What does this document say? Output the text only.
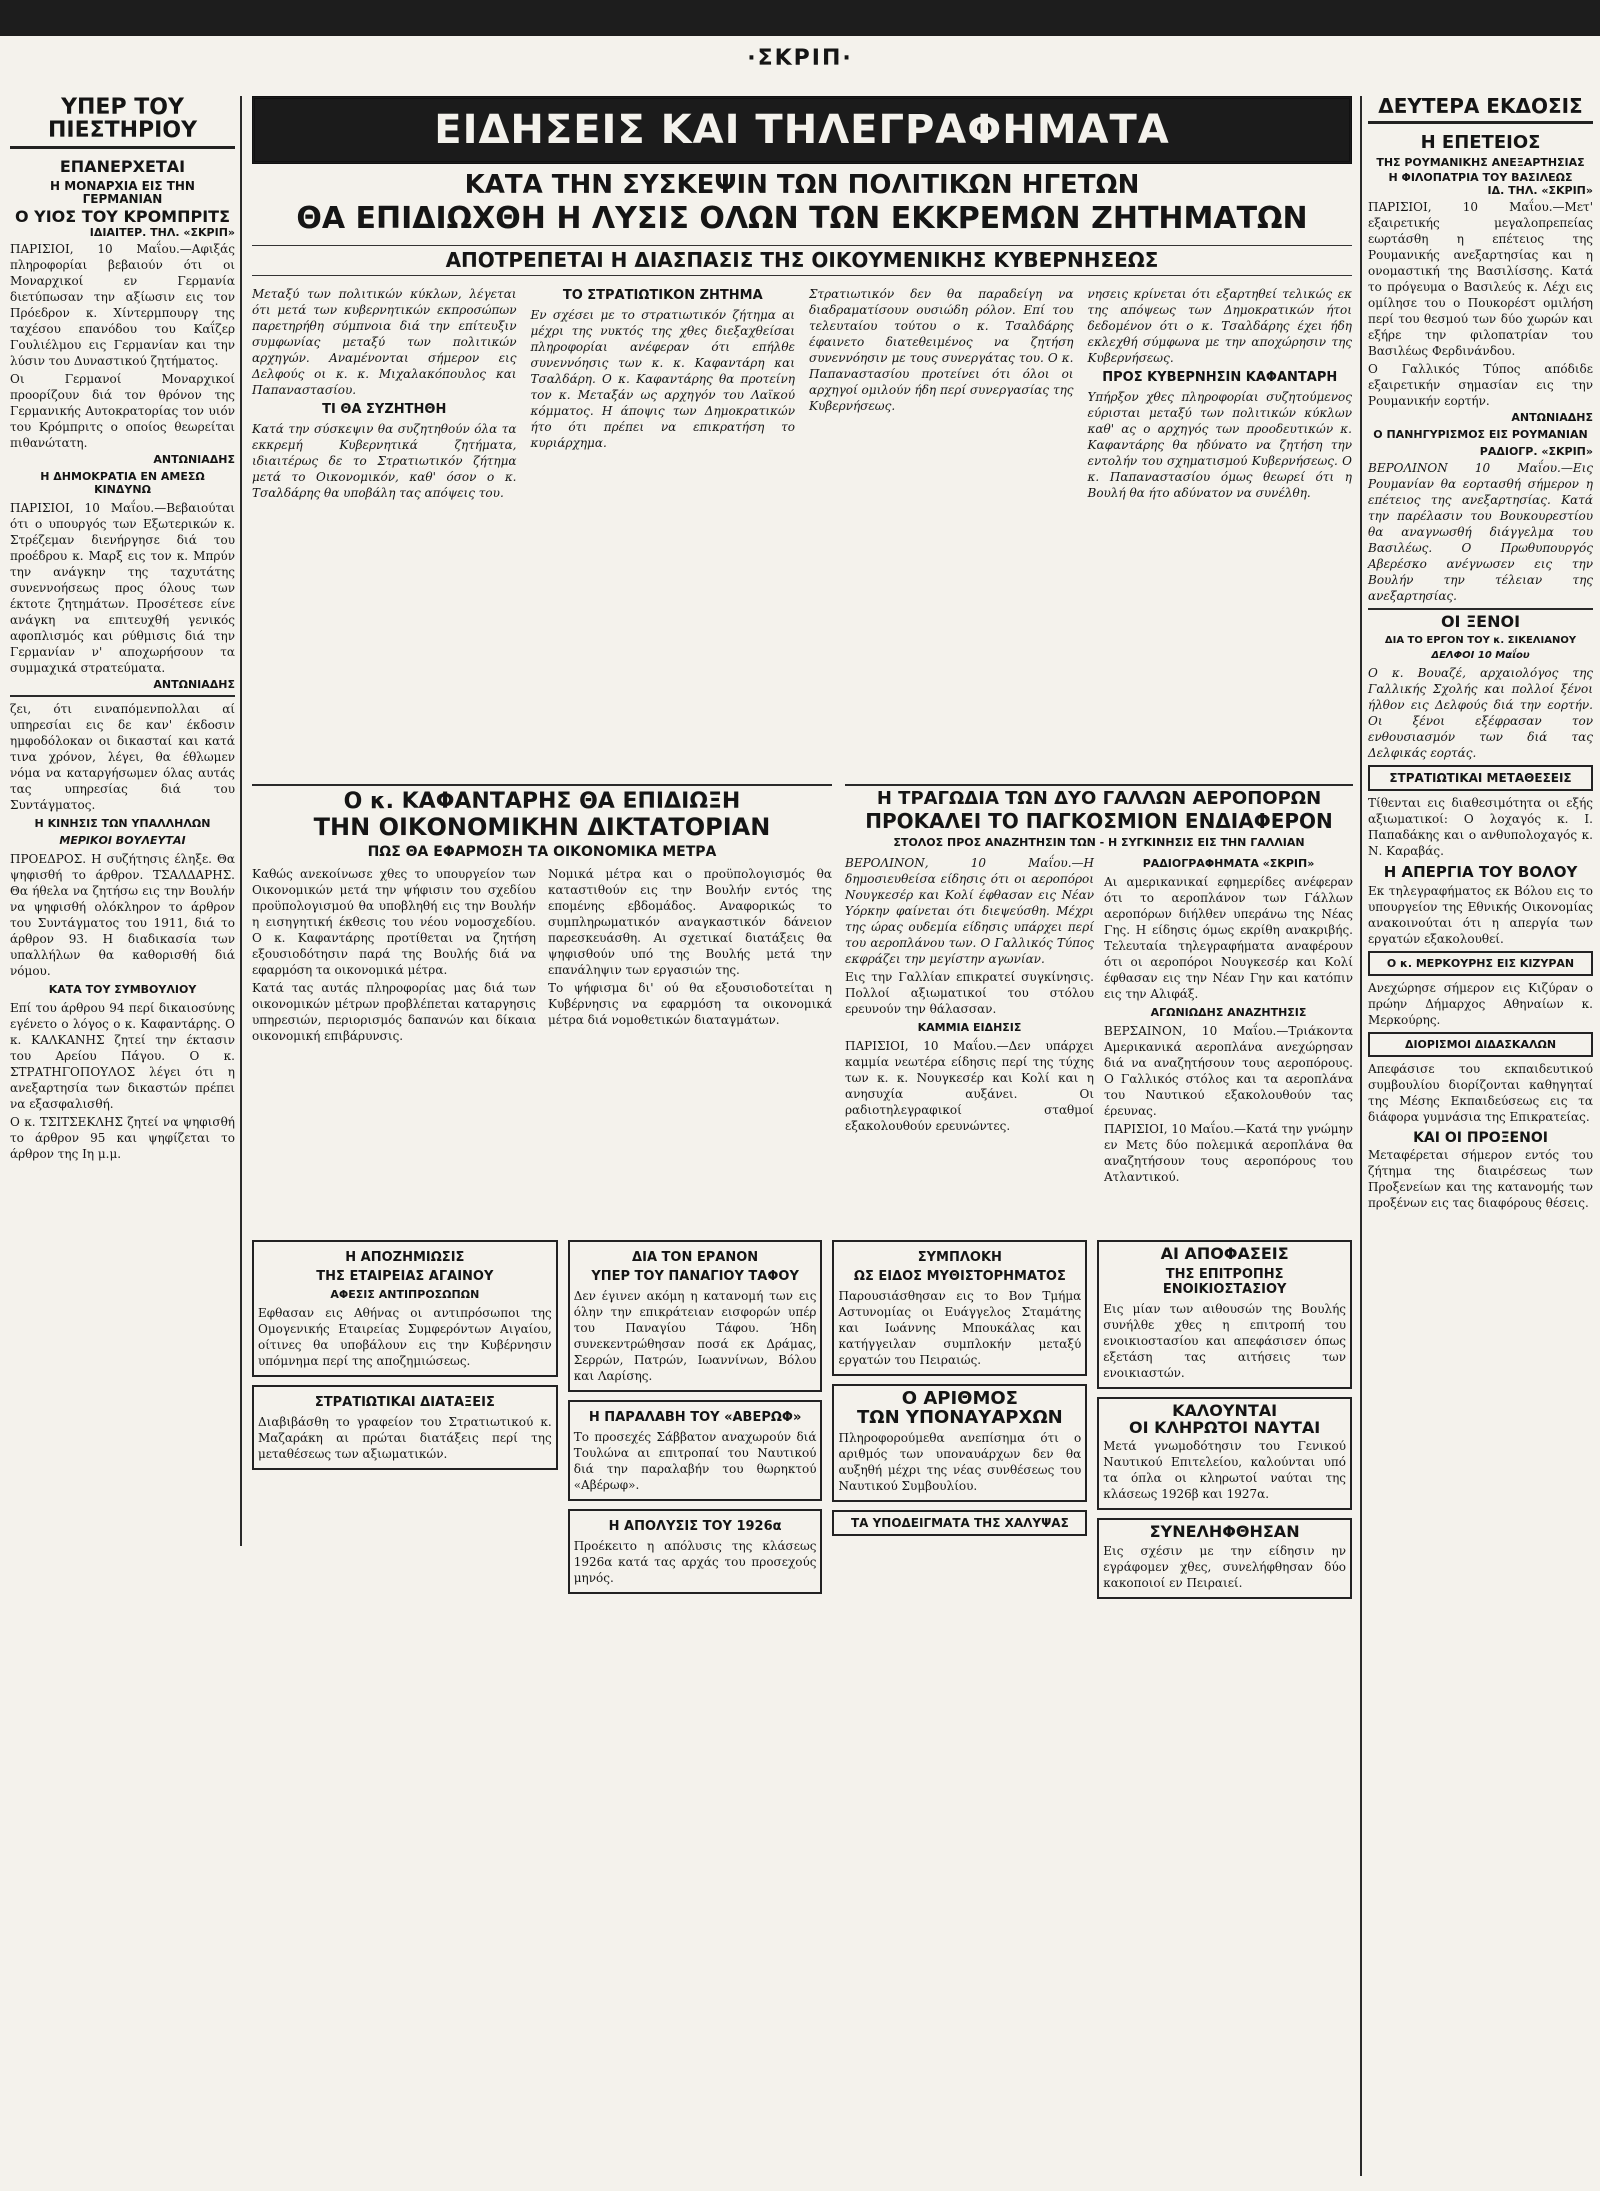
·ΣΚΡΙΠ·
ΥΠΕΡ ΤΟΥ ΠΙΕΣΤΗΡΙΟΥ
ΕΠΑΝΕΡΧΕΤΑΙ
Η ΜΟΝΑΡΧΙΑ ΕΙΣ ΤΗΝ ΓΕΡΜΑΝΙΑΝ
Ο ΥΙΟΣ ΤΟΥ ΚΡΟΜΠΡΙΤΣ
ΙΔΙΑΙΤΕΡ. ΤΗΛ. «ΣΚΡΙΠ»

ΠΑΡΙΣΙΟΙ, 10 Μαΐου.—Αφιξάς πληροφορίαι βεβαιούν ότι οι Μοναρχικοί εν Γερμανία διετύπωσαν την αξίωσιν εις τον Πρόεδρον κ. Χίντερμπουργ της ταχέσου επανόδου του Καΐζερ Γουλιέλμου εις Γερμανίαν και την λύσιν του Δυναστικού ζητήματος.

Οι Γερμανοί Μοναρχικοί προορίζουν διά τον θρόνον της Γερμανικής Αυτοκρατορίας τον υιόν του Κρόμπριτς ο οποίος θεωρείται πιθανώτατη.

ΑΝΤΩΝΙΑΔΗΣ
Η ΔΗΜΟΚΡΑΤΙΑ ΕΝ ΑΜΕΣΩ ΚΙΝΔΥΝΩ

ΠΑΡΙΣΙΟΙ, 10 Μαΐου.—Βεβαιούται ότι ο υπουργός των Εξωτερικών κ. Στρέζεμαν διενήργησε διά του προέδρου κ. Μαρξ εις τον κ. Μπρύν την ανάγκην της ταχυτάτης συνεννοήσεως προς όλους των έκτοτε ζητημάτων. Προσέτεσε είνε ανάγκη να επιτευχθή γενικός αφοπλισμός και ρύθμισις διά την Γερμανίαν ν' αποχωρήσουν τα συμμαχικά στρατεύματα.

ΑΝΤΩΝΙΑΔΗΣ

ζει, ότι ειναπόμενπολλαι αί υπηρεσίαι εις δε καν' έκδοσιν ημφοδόλοκαν οι δικασταί και κατά τινα χρόνον, λέγει, θα έθλωμεν νόμα να καταργήσωμεν όλας αυτάς τας υπηρεσίας διά του Συντάγματος.

Η ΚΙΝΗΣΙΣ ΤΩΝ ΥΠΑΛΛΗΛΩΝ
ΜΕΡΙΚΟΙ ΒΟΥΛΕΥΤΑΙ

ΠΡΟΕΔΡΟΣ. Η συζήτησις έληξε. Θα ψηφισθή το άρθρον. ΤΣΑΛΔΑΡΗΣ. Θα ήθελα να ζητήσω εις την Βουλήν να ψηφισθή ολόκληρον το άρθρον του Συντάγματος του 1911, διά το άρθρον 93. Η διαδικασία των υπαλλήλων θα καθορισθή διά νόμου.

ΚΑΤΑ ΤΟΥ ΣΥΜΒΟΥΛΙΟΥ

Επί του άρθρου 94 περί δικαιοσύνης εγένετο ο λόγος ο κ. Καφαντάρης. Ο κ. ΚΑΛΚΑΝΗΣ ζητεί την έκτασιν του Αρείου Πάγου. Ο κ. ΣΤΡΑΤΗΓΟΠΟΥΛΟΣ λέγει ότι η ανεξαρτησία των δικαστών πρέπει να εξασφαλισθή.

Ο κ. ΤΣΙΤΣΕΚΛΗΣ ζητεί να ψηφισθή το άρθρον 95 και ψηφίζεται το άρθρον της Ιη μ.μ.

ΕΙΔΗΣΕΙΣ ΚΑΙ ΤΗΛΕΓΡΑΦΗΜΑΤΑ
ΚΑΤΑ ΤΗΝ ΣΥΣΚΕΨΙΝ ΤΩΝ ΠΟΛΙΤΙΚΩΝ ΗΓΕΤΩΝ
ΘΑ ΕΠΙΔΙΩΧΘΗ Η ΛΥΣΙΣ ΟΛΩΝ ΤΩΝ ΕΚΚΡΕΜΩΝ ΖΗΤΗΜΑΤΩΝ
ΑΠΟΤΡΕΠΕΤΑΙ Η ΔΙΑΣΠΑΣΙΣ ΤΗΣ ΟΙΚΟΥΜΕΝΙΚΗΣ ΚΥΒΕΡΝΗΣΕΩΣ

Μεταξύ των πολιτικών κύκλων, λέγεται ότι μετά των κυβερνητικών εκπροσώπων παρετηρήθη σύμπνοια διά την επίτευξιν συμφωνίας μεταξύ των πολιτικών αρχηγών. Αναμένονται σήμερον εις Δελφούς οι κ. κ. Μιχαλακόπουλος και Παπαναστασίου.

ΤΙ ΘΑ ΣΥΖΗΤΗΘΗ

Κατά την σύσκεψιν θα συζητηθούν όλα τα εκκρεμή Κυβερνητικά ζητήματα, ιδιαιτέρως δε το Στρατιωτικόν ζήτημα μετά το Οικονομικόν, καθ' όσον ο κ. Τσαλδάρης θα υποβάλη τας απόψεις του.

ΤΟ ΣΤΡΑΤΙΩΤΙΚΟΝ ΖΗΤΗΜΑ

Εν σχέσει με το στρατιωτικόν ζήτημα αι μέχρι της νυκτός της χθες διεξαχθείσαι πληροφορίαι ανέφεραν ότι επήλθε συνεννόησις των κ. κ. Καφαντάρη και Τσαλδάρη. Ο κ. Καφαντάρης θα προτείνη τον κ. Μεταξάν ως αρχηγόν του Λαϊκού κόμματος. Η άποψις των Δημοκρατικών ήτο ότι πρέπει να επικρατήση το κυριάρχημα.

Στρατιωτικόν δεν θα παραδείγη να διαδραματίσουν ουσιώδη ρόλον. Επί του τελευταίου τούτου ο κ. Τσαλδάρης έφαινετο διατεθειμένος να ζητήση συνεννόησιν με τους συνεργάτας του. Ο κ. Παπαναστασίου προτείνει ότι όλοι οι αρχηγοί ομιλούν ήδη περί συνεργασίας της Κυβερνήσεως.

νησεις κρίνεται ότι εξαρτηθεί τελικώς εκ της απόψεως των Δημοκρατικών ήτοι δεδομένον ότι ο κ. Τσαλδάρης έχει ήδη εκλεχθή σύμφωνα με την αποχώρησιν της Κυβερνήσεως.

ΠΡΟΣ ΚΥΒΕΡΝΗΣΙΝ ΚΑΦΑΝΤΑΡΗ

Υπήρξον χθες πληροφορίαι συζητούμενος εύρισται μεταξύ των πολιτικών κύκλων καθ' ας ο αρχηγός των προοδευτικών κ. Καφαντάρης θα ηδύνατο να ζητήση την εντολήν του σχηματισμού Κυβερνήσεως. Ο κ. Παπαναστασίου όμως θεωρεί ότι η Βουλή θα ήτο αδύνατον να συνέλθη.

ΔΕΥΤΕΡΑ ΕΚΔΟΣΙΣ
Η ΕΠΕΤΕΙΟΣ
ΤΗΣ ΡΟΥΜΑΝΙΚΗΣ ΑΝΕΞΑΡΤΗΣΙΑΣ
Η ΦΙΛΟΠΑΤΡΙΑ ΤΟΥ ΒΑΣΙΛΕΩΣ
ΙΔ. ΤΗΛ. «ΣΚΡΙΠ»

ΠΑΡΙΣΙΟΙ, 10 Μαΐου.—Μετ' εξαιρετικής μεγαλοπρεπείας εωρτάσθη η επέτειος της Ρουμανικής ανεξαρτησίας και η ονομαστική της Βασιλίσσης. Κατά το πρόγευμα ο Βασιλεύς κ. Λέχι εις ομίλησε του ο Πουκορέστ ομιλήση περί του θεσμού των δύο χωρών και εξήρε την φιλοπατρίαν του Βασιλέως Φερδινάνδου.

Ο Γαλλικός Τύπος απόδιδε εξαιρετικήν σημασίαν εις την Ρουμανικήν εορτήν.

ΑΝΤΩΝΙΑΔΗΣ
Ο ΠΑΝΗΓΥΡΙΣΜΟΣ ΕΙΣ ΡΟΥΜΑΝΙΑΝ
ΡΑΔΙΟΓΡ. «ΣΚΡΙΠ»

ΒΕΡΟΛΙΝΟΝ 10 Μαΐου.—Εις Ρουμανίαν θα εορτασθή σήμερον η επέτειος της ανεξαρτησίας. Κατά την παρέλασιν του Βουκουρεστίου θα αναγνωσθή διάγγελμα του Βασιλέως. Ο Πρωθυπουργός Αβερέσκο ανέγνωσεν εις την Βουλήν την τέλειαν της ανεξαρτησίας.

ΟΙ ΞΕΝΟΙ
ΔΙΑ ΤΟ ΕΡΓΟΝ ΤΟΥ κ. ΣΙΚΕΛΙΑΝΟΥ
ΔΕΛΦΟΙ 10 Μαΐου

Ο κ. Βουαζέ, αρχαιολόγος της Γαλλικής Σχολής και πολλοί ξένοι ήλθον εις Δελφούς διά την εορτήν. Οι ξένοι εξέφρασαν τον ενθουσιασμόν των διά τας Δελφικάς εορτάς.

ΣΤΡΑΤΙΩΤΙΚΑΙ ΜΕΤΑΘΕΣΕΙΣ

Τίθενται εις διαθεσιμότητα οι εξής αξιωματικοί: Ο λοχαγός κ. Ι. Παπαδάκης και ο ανθυπολοχαγός κ. Ν. Καραβάς.

Η ΑΠΕΡΓΙΑ ΤΟΥ ΒΟΛΟΥ

Εκ τηλεγραφήματος εκ Βόλου εις το υπουργείον της Εθνικής Οικονομίας ανακοινούται ότι η απεργία των εργατών εξακολουθεί.

Ο κ. ΜΕΡΚΟΥΡΗΣ ΕΙΣ ΚΙΖΥΡΑΝ

Ανεχώρησε σήμερον εις Κιζύραν ο πρώην Δήμαρχος Αθηναίων κ. Μερκούρης.

ΔΙΟΡΙΣΜΟΙ ΔΙΔΑΣΚΑΛΩΝ

Απεφάσισε του εκπαιδευτικού συμβουλίου διορίζονται καθηγηταί της Μέσης Εκπαιδεύσεως εις τα διάφορα γυμνάσια της Επικρατείας.

ΚΑΙ ΟΙ ΠΡΟΞΕΝΟΙ

Μεταφέρεται σήμερον εντός του ζήτημα της διαιρέσεως των Προξενείων και της κατανομής των προξένων εις τας διαφόρους θέσεις.

Ο κ. ΚΑΦΑΝΤΑΡΗΣ ΘΑ ΕΠΙΔΙΩΞΗ
ΤΗΝ ΟΙΚΟΝΟΜΙΚΗΝ ΔΙΚΤΑΤΟΡΙΑΝ
ΠΩΣ ΘΑ ΕΦΑΡΜΟΣΗ ΤΑ ΟΙΚΟΝΟΜΙΚΑ ΜΕΤΡΑ

Καθώς ανεκοίνωσε χθες το υπουργείον των Οικονομικών μετά την ψήφισιν του σχεδίου προϋπολογισμού θα υποβληθή εις την Βουλήν η εισηγητική έκθεσις του νέου νομοσχεδίου. Ο κ. Καφαντάρης προτίθεται να ζητήση εξουσιοδότησιν παρά της Βουλής διά να εφαρμόση τα οικονομικά μέτρα.

Κατά τας αυτάς πληροφορίας μας διά των οικονομικών μέτρων προβλέπεται καταργησις υπηρεσιών, περιορισμός δαπανών και δίκαια οικονομική επιβάρυνσις.

Νομικά μέτρα και ο προϋπολογισμός θα καταστιθούν εις την Βουλήν εντός της επομένης εβδομάδος. Αναφορικώς το συμπληρωματικόν αναγκαστικόν δάνειον παρεσκευάσθη. Αι σχετικαί διατάξεις θα ψηφισθούν υπό της Βουλής μετά την επανάληψιν των εργασιών της.

Το ψήφισμα δι' ού θα εξουσιοδοτείται η Κυβέρνησις να εφαρμόση τα οικονομικά μέτρα διά νομοθετικών διαταγμάτων.

Η ΤΡΑΓΩΔΙΑ ΤΩΝ ΔΥΟ ΓΑΛΛΩΝ ΑΕΡΟΠΟΡΩΝ
ΠΡΟΚΑΛΕΙ ΤΟ ΠΑΓΚΟΣΜΙΟΝ ΕΝΔΙΑΦΕΡΟΝ
ΣΤΟΛΟΣ ΠΡΟΣ ΑΝΑΖΗΤΗΣΙΝ ΤΩΝ - Η ΣΥΓΚΙΝΗΣΙΣ ΕΙΣ ΤΗΝ ΓΑΛΛΙΑΝ

ΒΕΡΟΛΙΝΟΝ, 10 Μαΐου.—Η δημοσιευθείσα είδησις ότι οι αεροπόροι Νουγκεσέρ και Κολί έφθασαν εις Νέαν Υόρκην φαίνεται ότι διεψεύσθη. Μέχρι της ώρας ουδεμία είδησις υπάρχει περί του αεροπλάνου των. Ο Γαλλικός Τύπος εκφράζει την μεγίστην αγωνίαν.

Εις την Γαλλίαν επικρατεί συγκίνησις. Πολλοί αξιωματικοί του στόλου ερευνούν την θάλασσαν.

ΚΑΜΜΙΑ ΕΙΔΗΣΙΣ

ΠΑΡΙΣΙΟΙ, 10 Μαΐου.—Δεν υπάρχει καμμία νεωτέρα είδησις περί της τύχης των κ. κ. Νουγκεσέρ και Κολί και η ανησυχία αυξάνει. Οι ραδιοτηλεγραφικοί σταθμοί εξακολουθούν ερευνώντες.

ΡΑΔΙΟΓΡΑΦΗΜΑΤΑ «ΣΚΡΙΠ»

Αι αμερικανικαί εφημερίδες ανέφεραν ότι το αεροπλάνον των Γάλλων αεροπόρων διήλθεν υπεράνω της Νέας Γης. Η είδησις όμως εκρίθη ανακριβής. Τελευταία τηλεγραφήματα αναφέρουν ότι οι αεροπόροι Νουγκεσέρ και Κολί έφθασαν εις την Νέαν Γην και κατόπιν εις την Αλιφάξ.

ΑΓΩΝΙΩΔΗΣ ΑΝΑΖΗΤΗΣΙΣ

ΒΕΡΣΑΙΝΟΝ, 10 Μαΐου.—Τριάκοντα Αμερικανικά αεροπλάνα ανεχώρησαν διά να αναζητήσουν τους αεροπόρους. Ο Γαλλικός στόλος και τα αεροπλάνα του Ναυτικού εξακολουθούν τας έρευνας.

ΠΑΡΙΣΙΟΙ, 10 Μαΐου.—Κατά την γνώμην εν Μετς δύο πολεμικά αεροπλάνα θα αναζητήσουν τους αεροπόρους του Ατλαντικού.

Η ΑΠΟΖΗΜΙΩΣΙΣ
ΤΗΣ ΕΤΑΙΡΕΙΑΣ ΑΓΑΙΝΟΥ
ΑΦΕΣΙΣ ΑΝΤΙΠΡΟΣΩΠΩΝ

Εφθασαν εις Αθήνας οι αντιπρόσωποι της Ομογενικής Εταιρείας Συμφερόντων Αιγαίου, οίτινες θα υποβάλουν εις την Κυβέρνησιν υπόμνημα περί της αποζημιώσεως.

ΣΤΡΑΤΙΩΤΙΚΑΙ ΔΙΑΤΑΞΕΙΣ

Διαβιβάσθη το γραφείον του Στρατιωτικού κ. Μαζαράκη αι πρώται διατάξεις περί της μεταθέσεως των αξιωματικών.

ΔΙΑ ΤΟΝ ΕΡΑΝΟΝ
ΥΠΕΡ ΤΟΥ ΠΑΝΑΓΙΟΥ ΤΑΦΟΥ

Δεν έγινεν ακόμη η κατανομή των εις όλην την επικράτειαν εισφορών υπέρ του Παναγίου Τάφου. Ήδη συνεκεντρώθησαν ποσά εκ Δράμας, Σερρών, Πατρών, Ιωαννίνων, Βόλου και Λαρίσης.

Η ΠΑΡΑΛΑΒΗ ΤΟΥ «ΑΒΕΡΩΦ»

Το προσεχές Σάββατον αναχωρούν διά Τουλώνα αι επιτροπαί του Ναυτικού διά την παραλαβήν του θωρηκτού «Αβέρωφ».

Η ΑΠΟΛΥΣΙΣ ΤΟΥ 1926α

Προέκειτο η απόλυσις της κλάσεως 1926α κατά τας αρχάς του προσεχούς μηνός.

ΣΥΜΠΛΟΚΗ
ΩΣ ΕΙΔΟΣ ΜΥΘΙΣΤΟΡΗΜΑΤΟΣ

Παρουσιάσθησαν εις το Βον Τμήμα Αστυνομίας οι Ευάγγελος Σταμάτης και Ιωάννης Μπουκάλας και κατήγγειλαν συμπλοκήν μεταξύ εργατών του Πειραιώς.

Ο ΑΡΙΘΜΟΣ
ΤΩΝ ΥΠΟΝΑΥΑΡΧΩΝ

Πληροφορούμεθα ανεπίσημα ότι ο αριθμός των υποναυάρχων δεν θα αυξηθή μέχρι της νέας συνθέσεως του Ναυτικού Συμβουλίου.

ΤΑ ΥΠΟΔΕΙΓΜΑΤΑ ΤΗΣ ΧΑΛΥΨΑΣ
ΑΙ ΑΠΟΦΑΣΕΙΣ
ΤΗΣ ΕΠΙΤΡΟΠΗΣ ΕΝΟΙΚΙΟΣΤΑΣΙΟΥ

Εις μίαν των αιθουσών της Βουλής συνήλθε χθες η επιτροπή του ενοικιοστασίου και απεφάσισεν όπως εξετάση τας αιτήσεις των ενοικιαστών.

ΚΑΛΟΥΝΤΑΙ
ΟΙ ΚΛΗΡΩΤΟΙ ΝΑΥΤΑΙ

Μετά γνωμοδότησιν του Γενικού Ναυτικού Επιτελείου, καλούνται υπό τα όπλα οι κληρωτοί ναύται της κλάσεως 1926β και 1927α.

ΣΥΝΕΛΗΦΘΗΣΑΝ

Εις σχέσιν με την είδησιν ην εγράφομεν χθες, συνελήφθησαν δύο κακοποιοί εν Πειραιεί.
